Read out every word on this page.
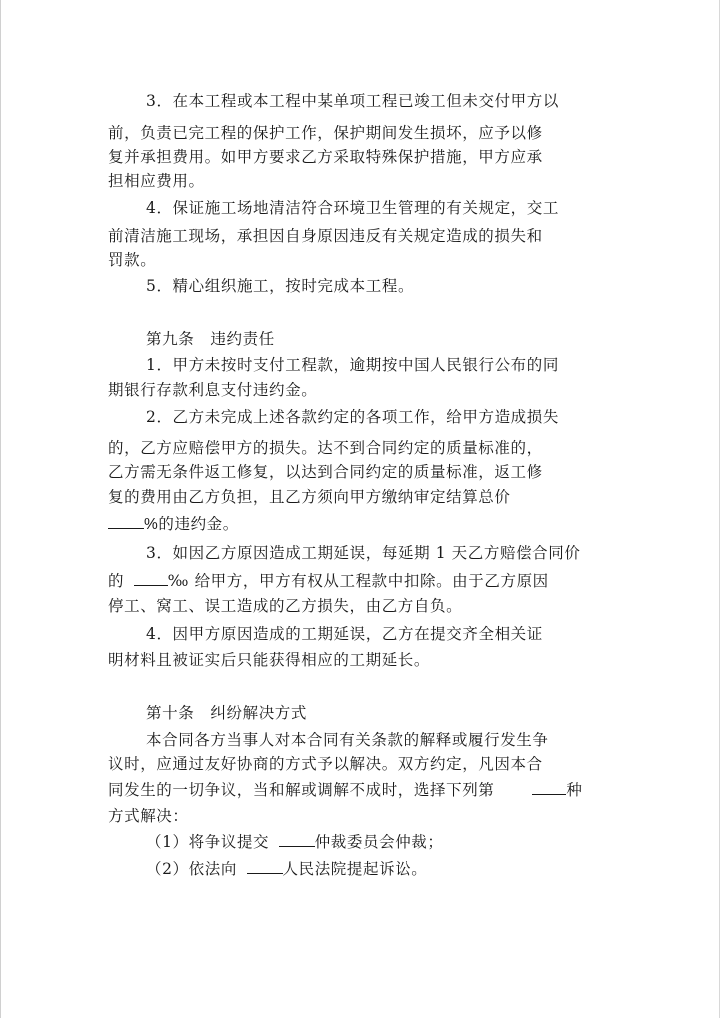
3．在本工程或本工程中某单项工程已竣工但未交付甲方以
前，负责已完工程的保护工作，保护期间发生损坏，应予以修
复并承担费用。如甲方要求乙方采取特殊保护措施，甲方应承
担相应费用。
4．保证施工场地清洁符合环境卫生管理的有关规定，交工
前清洁施工现场，承担因自身原因违反有关规定造成的损失和
罚款。
5．精心组织施工，按时完成本工程。
第九条　违约责任
1．甲方未按时支付工程款，逾期按中国人民银行公布的同
期银行存款利息支付违约金。
2．乙方未完成上述各款约定的各项工作，给甲方造成损失
的，乙方应赔偿甲方的损失。达不到合同约定的质量标准的，
乙方需无条件返工修复，以达到合同约定的质量标准，返工修
复的费用由乙方负担，且乙方须向甲方缴纳审定结算总价
%的违约金。
3．如因乙方原因造成工期延误，每延期 1 天乙方赔偿合同价
的	‰ 给甲方，甲方有权从工程款中扣除。由于乙方原因
停工、窝工、误工造成的乙方损失，由乙方自负。
4．因甲方原因造成的工期延误，乙方在提交齐全相关证
明材料且被证实后只能获得相应的工期延长。
第十条　纠纷解决方式
本合同各方当事人对本合同有关条款的解释或履行发生争
议时，应通过友好协商的方式予以解决。双方约定，凡因本合
同发生的一切争议，当和解或调解不成时，选择下列第	种
方式解决：
（1）将争议提交	仲裁委员会仲裁；
（2）依法向	人民法院提起诉讼。
